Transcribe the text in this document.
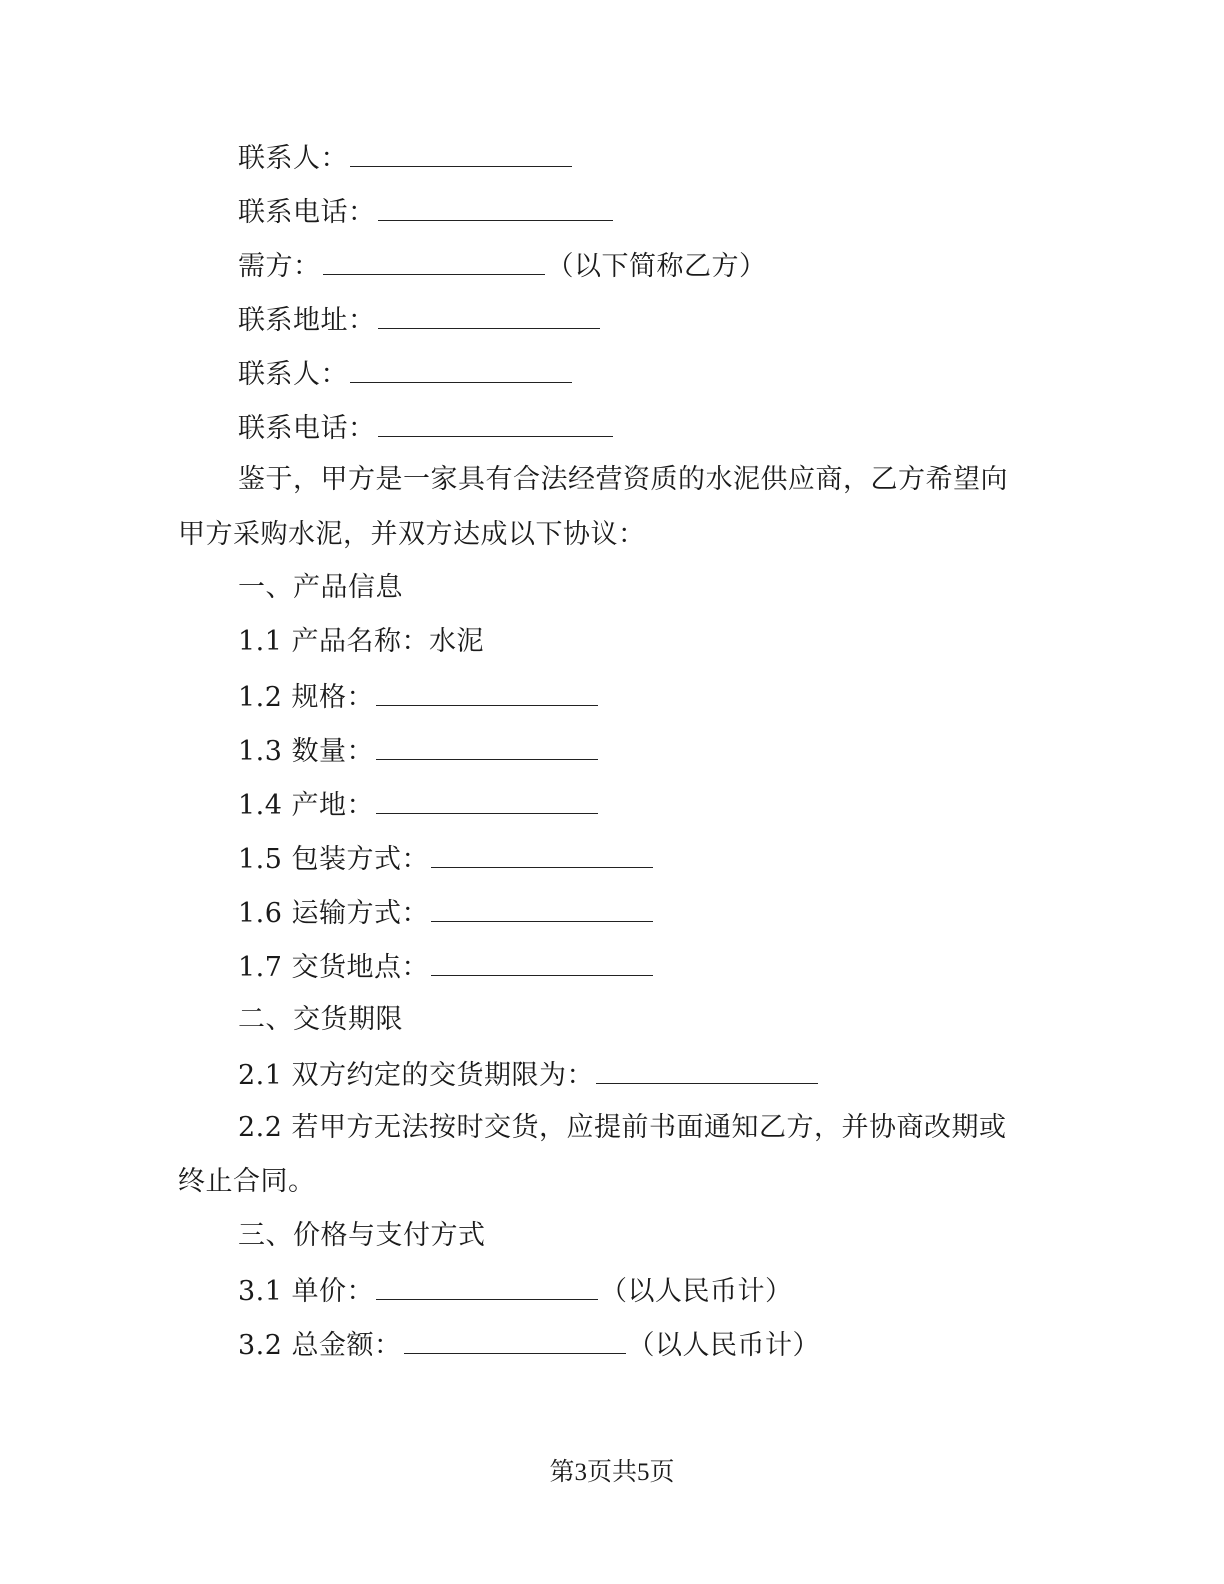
联系人：
联系电话：
需方：	（以下简称乙方）
联系地址：
联系人：
联系电话：
鉴于，甲方是一家具有合法经营资质的水泥供应商，乙方希望向
甲方采购水泥，并双方达成以下协议：
一、产品信息
1.1 产品名称：水泥
1.2 规格：
1.3 数量：
1.4 产地：
1.5 包装方式：
1.6 运输方式：
1.7 交货地点：
二、交货期限
2.1 双方约定的交货期限为：
2.2 若甲方无法按时交货，应提前书面通知乙方，并协商改期或
终止合同。
三、价格与支付方式
3.1 单价：	（以人民币计）
3.2 总金额：	（以人民币计）
第3页共5页
